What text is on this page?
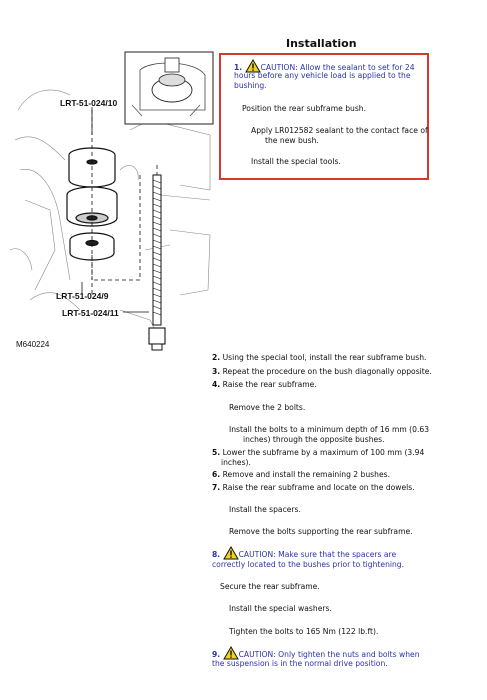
Installation
LRT-51-024/10
LRT-51-024/9
LRT-51-024/11
M640224
1. CAUTION: Allow the sealant to set for 24
hours before any vehicle load is applied to the
bushing.
Position the rear subframe bush.
Apply LR012582 sealant to the contact face of
the new bush.
Install the special tools.
2. Using the special tool, install the rear subframe bush.
3. Repeat the procedure on the bush diagonally opposite.
4. Raise the rear subframe.
Remove the 2 bolts.
Install the bolts to a minimum depth of 16 mm (0.63
inches) through the opposite bushes.
5. Lower the subframe by a maximum of 100 mm (3.94
inches).
6. Remove and install the remaining 2 bushes.
7. Raise the rear subframe and locate on the dowels.
Install the spacers.
Remove the bolts supporting the rear subframe.
8. CAUTION: Make sure that the spacers are
correctly located to the bushes prior to tightening.
Secure the rear subframe.
Install the special washers.
Tighten the bolts to 165 Nm (122 lb.ft).
9. CAUTION: Only tighten the nuts and bolts when
the suspension is in the normal drive position.
